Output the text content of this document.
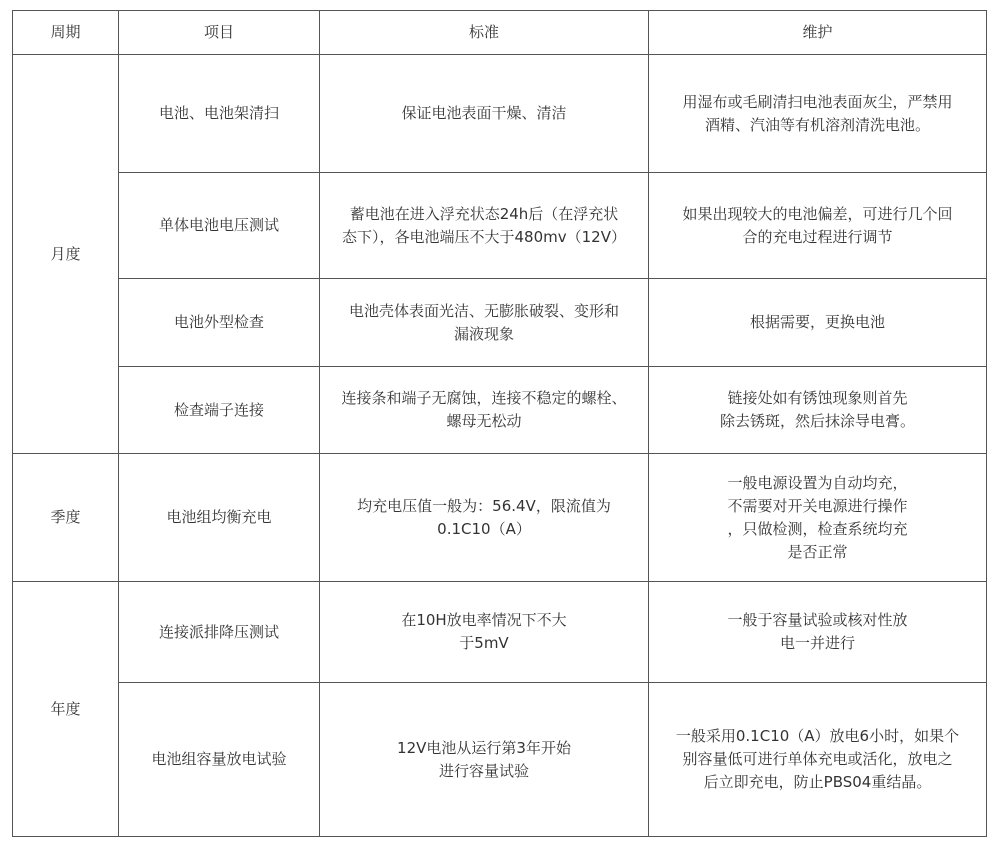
周期	项目	标准	维护
月度	电池、电池架清扫	保证电池表面干燥、清洁	用湿布或毛刷清扫电池表面灰尘，严禁用
酒精、汽油等有机溶剂清洗电池。
	单体电池电压测试	蓄电池在进入浮充状态24h后（在浮充状
态下），各电池端压不大于480mv（12V）	如果出现较大的电池偏差，可进行几个回
合的充电过程进行调节
	电池外型检查	电池壳体表面光洁、无膨胀破裂、变形和
漏液现象	根据需要，更换电池
	检查端子连接	连接条和端子无腐蚀，连接不稳定的螺栓、
螺母无松动	链接处如有锈蚀现象则首先
除去锈斑，然后抹涂导电膏。
季度	电池组均衡充电	均充电压值一般为：56.4V，限流值为
0.1C10（A）	一般电源设置为自动均充，
不需要对开关电源进行操作
，只做检测，检查系统均充
是否正常
年度	连接派排降压测试	在10H放电率情况下不大
于5mV	一般于容量试验或核对性放
电一并进行
	电池组容量放电试验	12V电池从运行第3年开始
进行容量试验	一般采用0.1C10（A）放电6小时，如果个
别容量低可进行单体充电或活化，放电之
后立即充电，防止PBS04重结晶。
